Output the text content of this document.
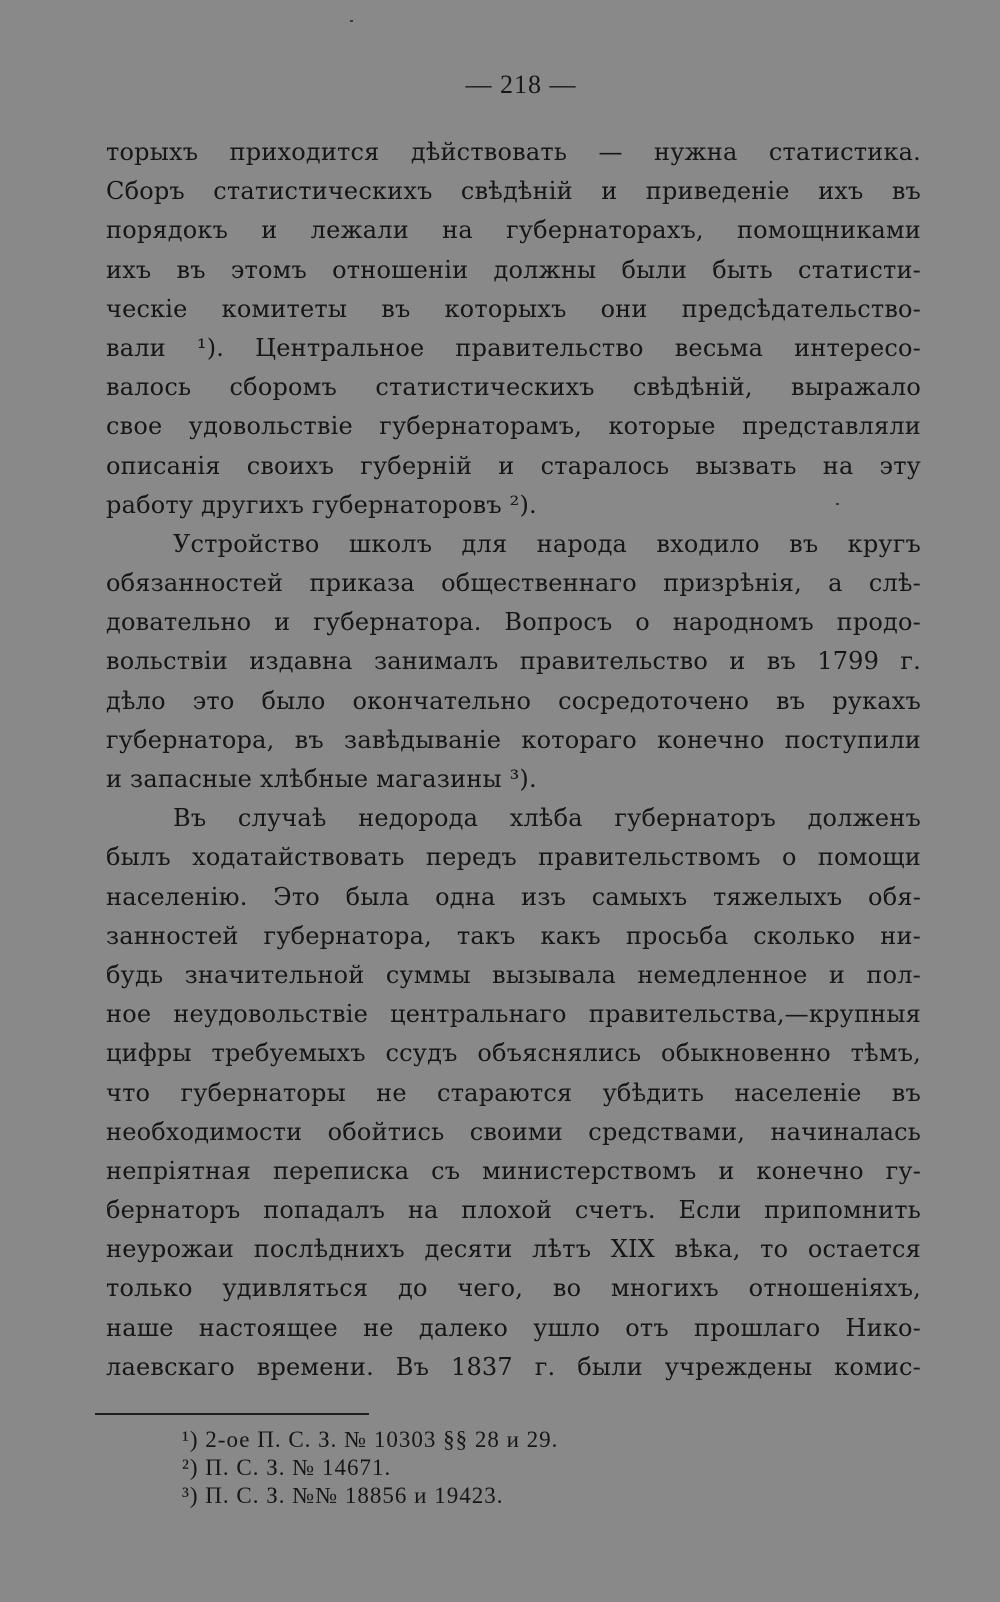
— 218 —
торыхъ приходится дѣйствовать — нужна статистика.
Сборъ статистическихъ свѣдѣній и приведеніе ихъ въ
порядокъ и лежали на губернаторахъ, помощниками
ихъ въ этомъ отношеніи должны были быть статисти-
ческіе комитеты въ которыхъ они предсѣдательство-
вали ¹). Центральное правительство весьма интересо-
валось сборомъ статистическихъ свѣдѣній, выражало
свое удовольствіе губернаторамъ, которые представляли
описанія своихъ губерній и старалось вызвать на эту
работу другихъ губернаторовъ ²).
Устройство школъ для народа входило въ кругъ
обязанностей приказа общественнаго призрѣнія, а слѣ-
довательно и губернатора. Вопросъ о народномъ продо-
вольствіи издавна занималъ правительство и въ 1799 г.
дѣло это было окончательно сосредоточено въ рукахъ
губернатора, въ завѣдываніе котораго конечно поступили
и запасные хлѣбные магазины ³).
Въ случаѣ недорода хлѣба губернаторъ долженъ
былъ ходатайствовать передъ правительствомъ о помощи
населенію. Это была одна изъ самыхъ тяжелыхъ обя-
занностей губернатора, такъ какъ просьба сколько ни-
будь значительной суммы вызывала немедленное и пол-
ное неудовольствіе центральнаго правительства,—крупныя
цифры требуемыхъ ссудъ объяснялись обыкновенно тѣмъ,
что губернаторы не стараются убѣдить населеніе въ
необходимости обойтись своими средствами, начиналась
непріятная переписка съ министерствомъ и конечно гу-
бернаторъ попадалъ на плохой счетъ. Если припомнить
неурожаи послѣднихъ десяти лѣтъ XIX вѣка, то остается
только удивляться до чего, во многихъ отношеніяхъ,
наше настоящее не далеко ушло отъ прошлаго Нико-
лаевскаго времени. Въ 1837 г. были учреждены комис-
¹) 2-ое П. С. З. № 10303 §§ 28 и 29.
²) П. С. З. № 14671.
³) П. С. З. №№ 18856 и 19423.
